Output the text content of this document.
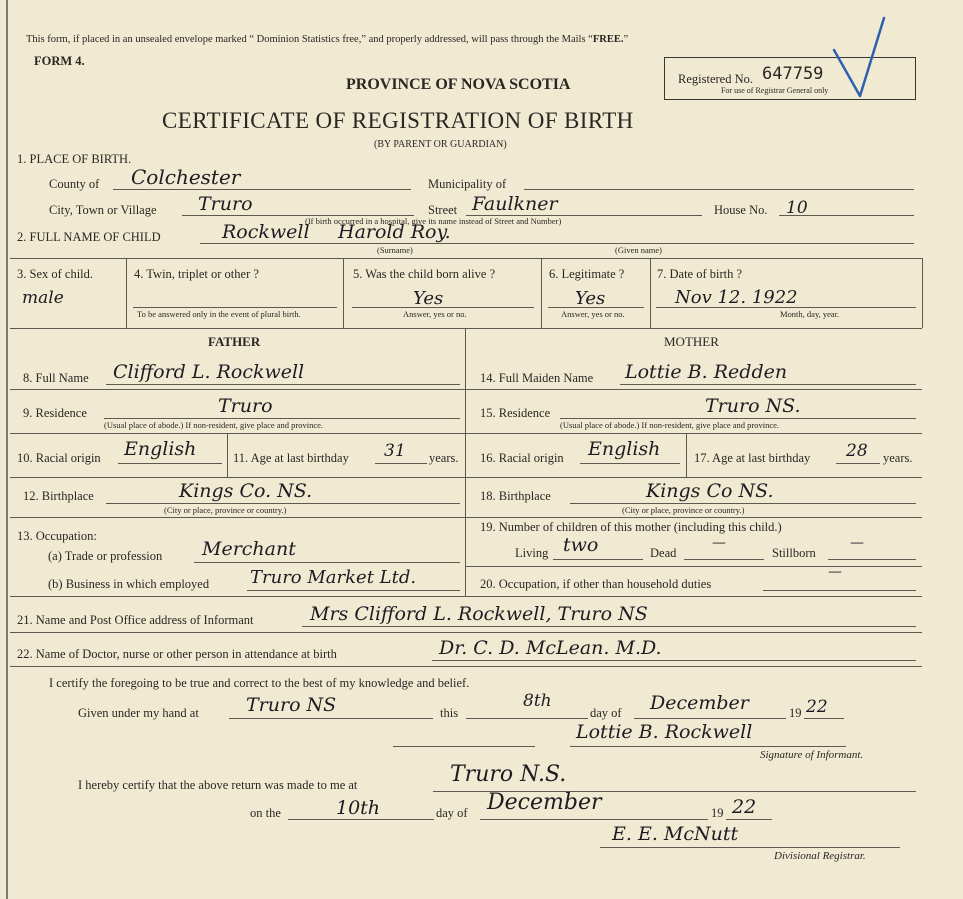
This form, if placed in an unsealed envelope marked “ Dominion Statistics free,” and properly addressed, will pass through the Mails “FREE.”
FORM 4.
PROVINCE OF NOVA SCOTIA
CERTIFICATE OF REGISTRATION OF BIRTH
(BY PARENT OR GUARDIAN)
Registered No. 647759
For use of Registrar General only
1. PLACE OF BIRTH.
County of Colchester	Municipality of
City, Town or Village Truro	Street Faulkner
(If birth occurred in a hospital, give its name instead of Street and Number)
House No. 10
2. FULL NAME OF CHILD	Rockwell Harold Roy.
(Surname)	(Given name)
3. Sex of child.
male
4. Twin, triplet or other ?
To be answered only in the event of plural birth.
5. Was the child born alive ?
Yes
Answer, yes or no.
6. Legitimate ?
Yes
Answer, yes or no.
7. Date of birth ?
Nov 12. 1922
Month, day, year.
FATHER	MOTHER
8. Full Name Clifford L. Rockwell	14. Full Maiden Name Lottie B. Redden
9. Residence	Truro
(Usual place of abode.) If non-resident, give place and province.
15. Residence	Truro NS.
(Usual place of abode.) If non-resident, give place and province.
10. Racial origin English	11. Age at last birthday 31 years. 16. Racial origin English	17. Age at last birthday 28 years.
12. Birthplace	Kings Co. NS.
(City or place, province or country.)
18. Birthplace	Kings Co NS.
(City or place, province or country.)
13. Occupation:
(a) Trade or profession Merchant
19. Number of children of this mother (including this child.)
Living two	Dead
—
Stillborn
—
(b) Business in which employed Truro Market Ltd.	20. Occupation, if other than household duties
—
21. Name and Post Office address of Informant	Mrs Clifford L. Rockwell, Truro NS
22. Name of Doctor, nurse or other person in attendance at birth	Dr. C. D. McLean. M.D.
I certify the foregoing to be true and correct to the best of my knowledge and belief.
Given under my hand at Truro NS	this
8th
day of December	19 22
Lottie B. Rockwell
Signature of Informant.
I hereby certify that the above return was made to me at	Truro N.S.
on the	10th	day of December	19 22
E. E. McNutt
Divisional Registrar.
